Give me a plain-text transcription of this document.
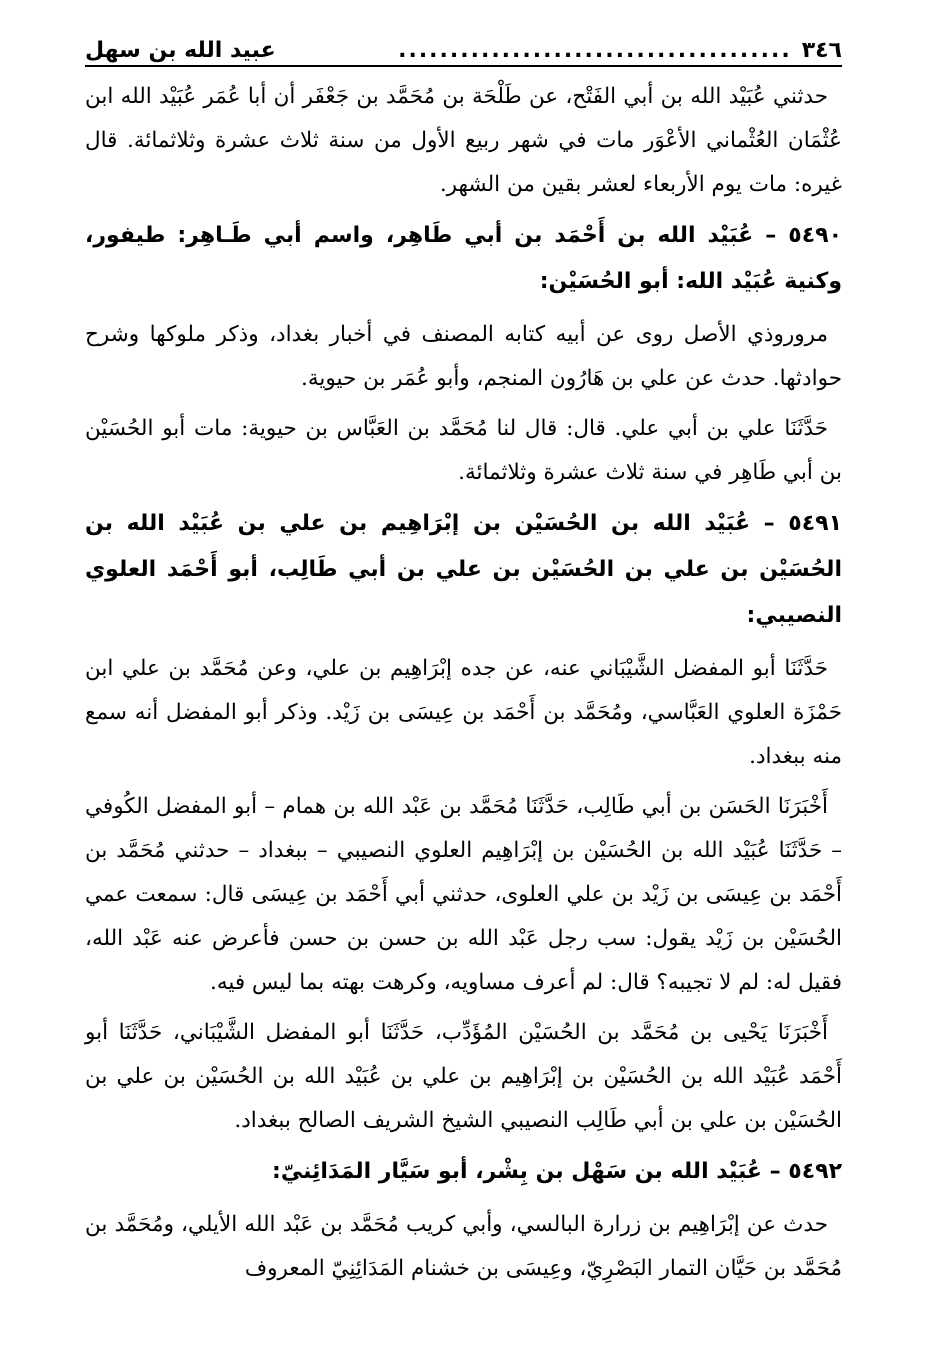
٣٤٦
......................................
عبيد الله بن سهل

حدثني عُبَيْد الله بن أبي الفَتْح، عن طَلْحَة بن مُحَمَّد بن جَعْفَر أن أبا عُمَر عُبَيْد الله ابن عُثْمَان العُثْماني الأعْوَر مات في شهر ربيع الأول من سنة ثلاث عشرة وثلاثمائة. قال غيره: مات يوم الأربعاء لعشر بقين من الشهر.

٥٤٩٠ – عُبَيْد الله بن أَحْمَد بن أبي طَاهِر، واسم أبي طَـاهِر: طيفور، وكنية عُبَيْد الله: أبو الحُسَيْن:

مروروذي الأصل روى عن أبيه كتابه المصنف في أخبار بغداد، وذكر ملوكها وشرح حوادثها. حدث عن علي بن هَارُون المنجم، وأبو عُمَر بن حيوية.

حَدَّثَنَا علي بن أبي علي. قال: قال لنا مُحَمَّد بن العَبَّاس بن حيوية: مات أبو الحُسَيْن بن أبي طَاهِر في سنة ثلاث عشرة وثلاثمائة.

٥٤٩١ – عُبَيْد الله بن الحُسَيْن بن إبْرَاهِيم بن علي بن عُبَيْد الله بن الحُسَيْن بن علي بن الحُسَيْن بن علي بن أبي طَالِب، أبو أَحْمَد العلوي النصيبي:

حَدَّثَنَا أبو المفضل الشَّيْبَاني عنه، عن جده إبْرَاهِيم بن علي، وعن مُحَمَّد بن علي ابن حَمْزَة العلوي العَبَّاسي، ومُحَمَّد بن أَحْمَد بن عِيسَى بن زَيْد. وذكر أبو المفضل أنه سمع منه ببغداد.

أَخْبَرَنَا الحَسَن بن أبي طَالِب، حَدَّثَنَا مُحَمَّد بن عَبْد الله بن همام – أبو المفضل الكُوفي – حَدَّثَنَا عُبَيْد الله بن الحُسَيْن بن إبْرَاهِيم العلوي النصيبي – ببغداد – حدثني مُحَمَّد بن أَحْمَد بن عِيسَى بن زَيْد بن علي العلوى، حدثني أبي أَحْمَد بن عِيسَى قال: سمعت عمي الحُسَيْن بن زَيْد يقول: سب رجل عَبْد الله بن حسن بن حسن فأعرض عنه عَبْد الله، فقيل له: لم لا تجيبه؟ قال: لم أعرف مساويه، وكرهت بهته بما ليس فيه.

أَخْبَرَنَا يَحْيى بن مُحَمَّد بن الحُسَيْن المُؤَدِّب، حَدَّثَنَا أبو المفضل الشَّيْبَاني، حَدَّثَنَا أبو أَحْمَد عُبَيْد الله بن الحُسَيْن بن إبْرَاهِيم بن علي بن عُبَيْد الله بن الحُسَيْن بن علي بن الحُسَيْن بن علي بن أبي طَالِب النصيبي الشيخ الشريف الصالح ببغداد.

٥٤٩٢ – عُبَيْد الله بن سَهْل بن بِشْر، أبو سَيَّار المَدَائِنيّ:

حدث عن إبْرَاهِيم بن زرارة البالسي، وأبي كريب مُحَمَّد بن عَبْد الله الأيلي، ومُحَمَّد بن مُحَمَّد بن حَيَّان التمار البَصْرِيّ، وعِيسَى بن خشنام المَدَائِنِيّ المعروف
